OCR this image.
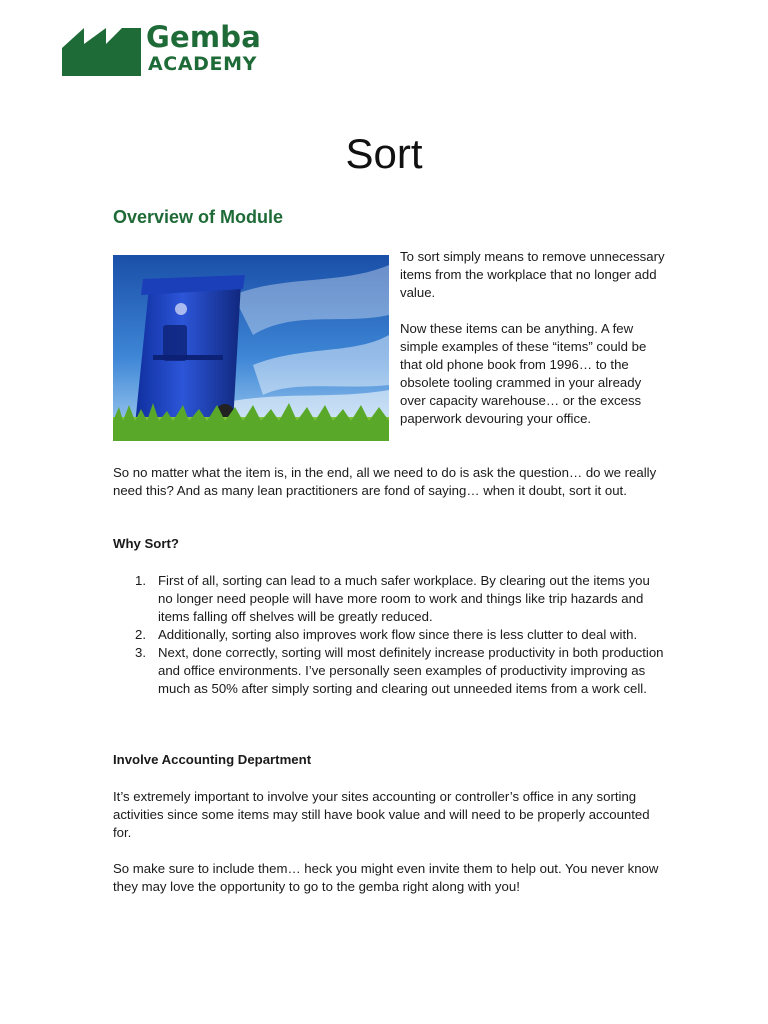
Gemba
ACADEMY
Sort
Overview of Module

To sort simply means to remove unnecessary items from the workplace that no longer add value.

Now these items can be anything. A few simple examples of these “items” could be that old phone book from 1996… to the obsolete tooling crammed in your already over capacity warehouse… or the excess paperwork devouring your office.

So no matter what the item is, in the end, all we need to do is ask the question… do we really need this? And as many lean practitioners are fond of saying… when it doubt, sort it out.

Why Sort?
1. First of all, sorting can lead to a much safer workplace. By clearing out the items you no longer need people will have more room to work and things like trip hazards and items falling off shelves will be greatly reduced.
2. Additionally, sorting also improves work flow since there is less clutter to deal with.
3. Next, done correctly, sorting will most definitely increase productivity in both production and office environments. I’ve personally seen examples of productivity improving as much as 50% after simply sorting and clearing out unneeded items from a work cell.
Involve Accounting Department

It’s extremely important to involve your sites accounting or controller’s office in any sorting activities since some items may still have book value and will need to be properly accounted for.

So make sure to include them… heck you might even invite them to help out. You never know they may love the opportunity to go to the gemba right along with you!
